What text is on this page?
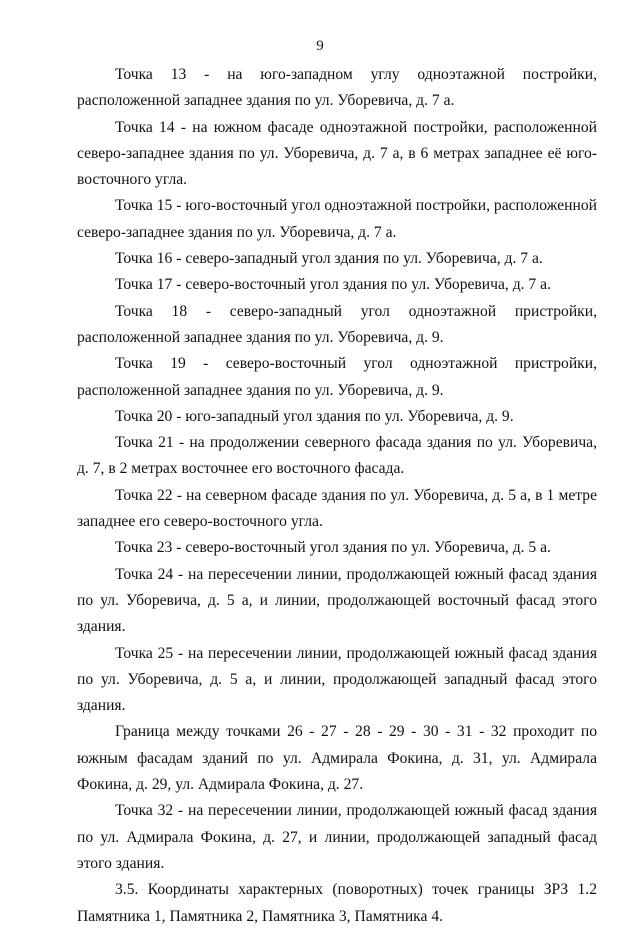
9

Точка 13 - на юго-западном углу одноэтажной постройки, расположенной западнее здания по ул. Уборевича, д. 7 а.

Точка 14 - на южном фасаде одноэтажной постройки, расположенной северо-западнее здания по ул. Уборевича, д. 7 а, в 6 метрах западнее её юго-восточного угла.

Точка 15 - юго-восточный угол одноэтажной постройки, расположенной северо-западнее здания по ул. Уборевича, д. 7 а.

Точка 16 - северо-западный угол здания по ул. Уборевича, д. 7 а.

Точка 17 - северо-восточный угол здания по ул. Уборевича, д. 7 а.

Точка 18 - северо-западный угол одноэтажной пристройки, расположенной западнее здания по ул. Уборевича, д. 9.

Точка 19 - северо-восточный угол одноэтажной пристройки, расположенной западнее здания по ул. Уборевича, д. 9.

Точка 20 - юго-западный угол здания по ул. Уборевича, д. 9.

Точка 21 - на продолжении северного фасада здания по ул. Уборевича, д. 7, в 2 метрах восточнее его восточного фасада.

Точка 22 - на северном фасаде здания по ул. Уборевича, д. 5 а, в 1 метре западнее его северо-восточного угла.

Точка 23 - северо-восточный угол здания по ул. Уборевича, д. 5 а.

Точка 24 - на пересечении линии, продолжающей южный фасад здания по ул. Уборевича, д. 5 а, и линии, продолжающей восточный фасад этого здания.

Точка 25 - на пересечении линии, продолжающей южный фасад здания по ул. Уборевича, д. 5 а, и линии, продолжающей западный фасад этого здания.

Граница между точками 26 - 27 - 28 - 29 - 30 - 31 - 32 проходит по южным фасадам зданий по ул. Адмирала Фокина, д. 31, ул. Адмирала Фокина, д. 29, ул. Адмирала Фокина, д. 27.

Точка 32 - на пересечении линии, продолжающей южный фасад здания по ул. Адмирала Фокина, д. 27, и линии, продолжающей западный фасад этого здания.

3.5. Координаты характерных (поворотных) точек границы ЗРЗ 1.2 Памятника 1, Памятника 2, Памятника 3, Памятника 4.
